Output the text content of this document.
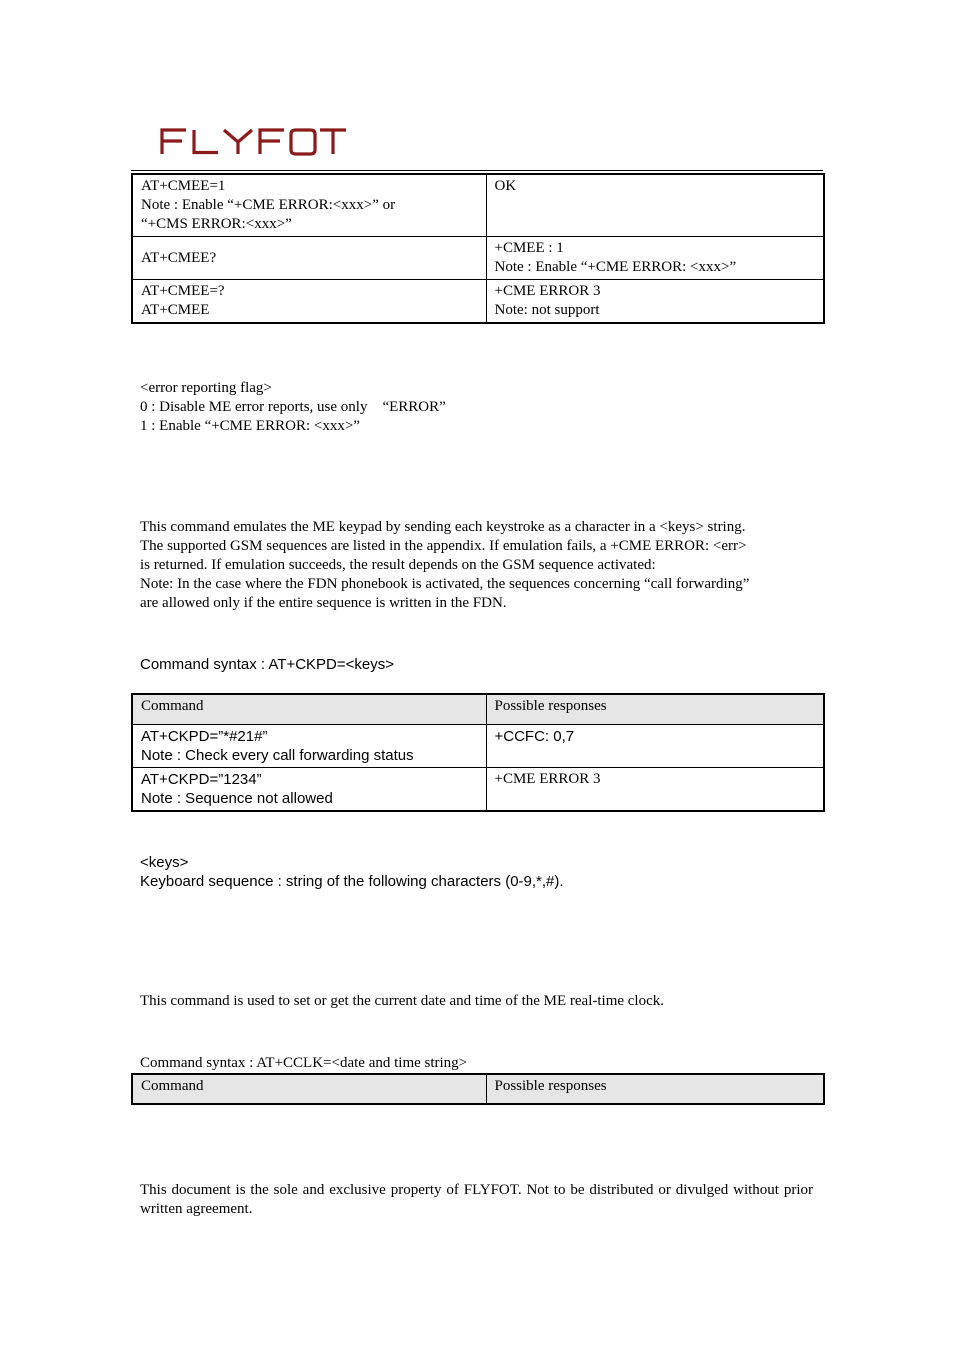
AT+CMEE=1
Note : Enable “+CME ERROR:<xxx>” or
“+CMS ERROR:<xxx>”	OK

AT+CMEE?	+CMEE : 1
Note : Enable “+CME ERROR: <xxx>”

AT+CMEE=?
AT+CMEE	+CME ERROR 3
Note: not support
<error reporting flag>
0 : Disable ME error reports, use only    “ERROR”
1 : Enable “+CME ERROR: <xxx>”
This command emulates the ME keypad by sending each keystroke as a character in a <keys> string.
The supported GSM sequences are listed in the appendix. If emulation fails, a +CME ERROR: <err>
is returned. If emulation succeeds, the result depends on the GSM sequence activated:
Note: In the case where the FDN phonebook is activated, the sequences concerning “call forwarding”
are allowed only if the entire sequence is written in the FDN.
Command syntax : AT+CKPD=<keys>
Command	Possible responses

AT+CKPD=”*#21#”
Note : Check every call forwarding status	+CCFC: 0,7

AT+CKPD=”1234”
Note : Sequence not allowed	+CME ERROR 3
<keys>
Keyboard sequence : string of the following characters (0-9,*,#).
This command is used to set or get the current date and time of the ME real-time clock.
Command syntax : AT+CCLK=<date and time string>
Command	Possible responses

This document is the sole and exclusive property of FLYFOT. Not to be distributed or divulged without prior written agreement.
